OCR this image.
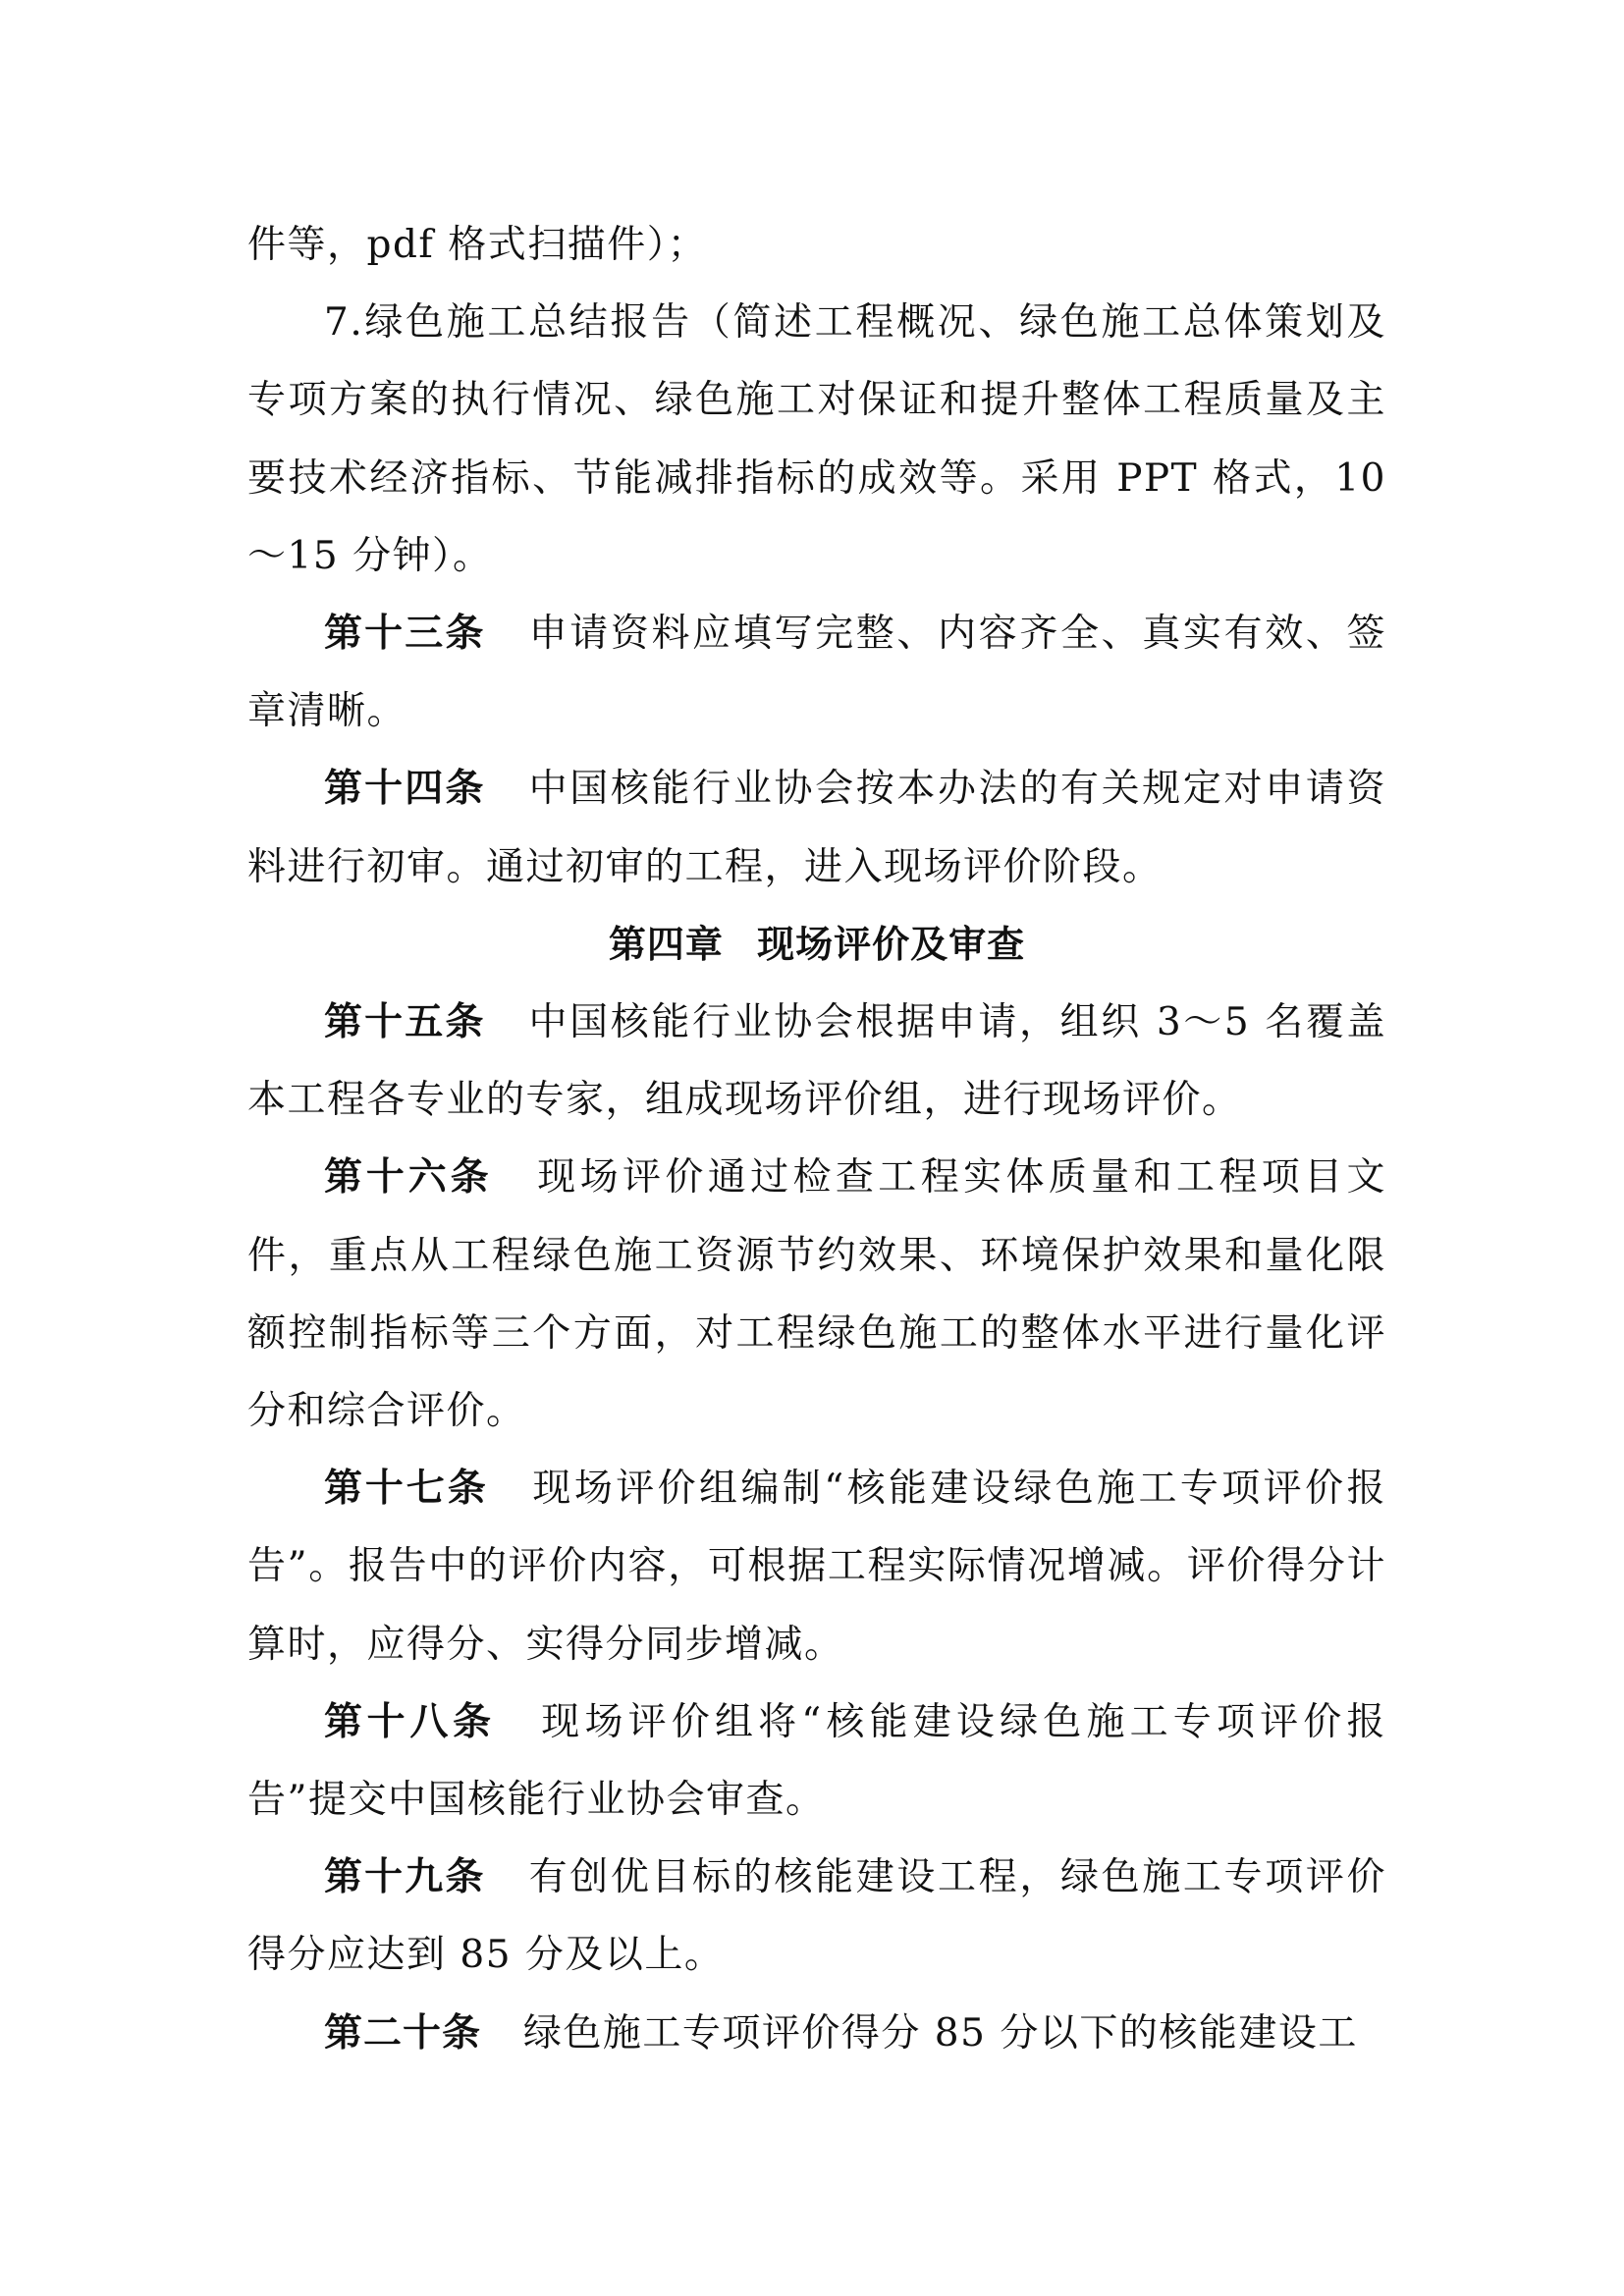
件等，pdf 格式扫描件）；

7.绿色施工总结报告（简述工程概况、绿色施工总体策划及专项方案的执行情况、绿色施工对保证和提升整体工程质量及主要技术经济指标、节能减排指标的成效等。采用 PPT 格式，10～15 分钟）。

第十三条 申请资料应填写完整、内容齐全、真实有效、签章清晰。

第十四条 中国核能行业协会按本办法的有关规定对申请资料进行初审。通过初审的工程，进入现场评价阶段。

第四章 现场评价及审查

第十五条 中国核能行业协会根据申请，组织 3～5 名覆盖本工程各专业的专家，组成现场评价组，进行现场评价。

第十六条 现场评价通过检查工程实体质量和工程项目文件，重点从工程绿色施工资源节约效果、环境保护效果和量化限额控制指标等三个方面，对工程绿色施工的整体水平进行量化评分和综合评价。

第十七条 现场评价组编制“核能建设绿色施工专项评价报告”。报告中的评价内容，可根据工程实际情况增减。评价得分计算时，应得分、实得分同步增减。

第十八条 现场评价组将“核能建设绿色施工专项评价报告”提交中国核能行业协会审查。

第十九条 有创优目标的核能建设工程，绿色施工专项评价得分应达到 85 分及以上。

第二十条 绿色施工专项评价得分 85 分以下的核能建设工
